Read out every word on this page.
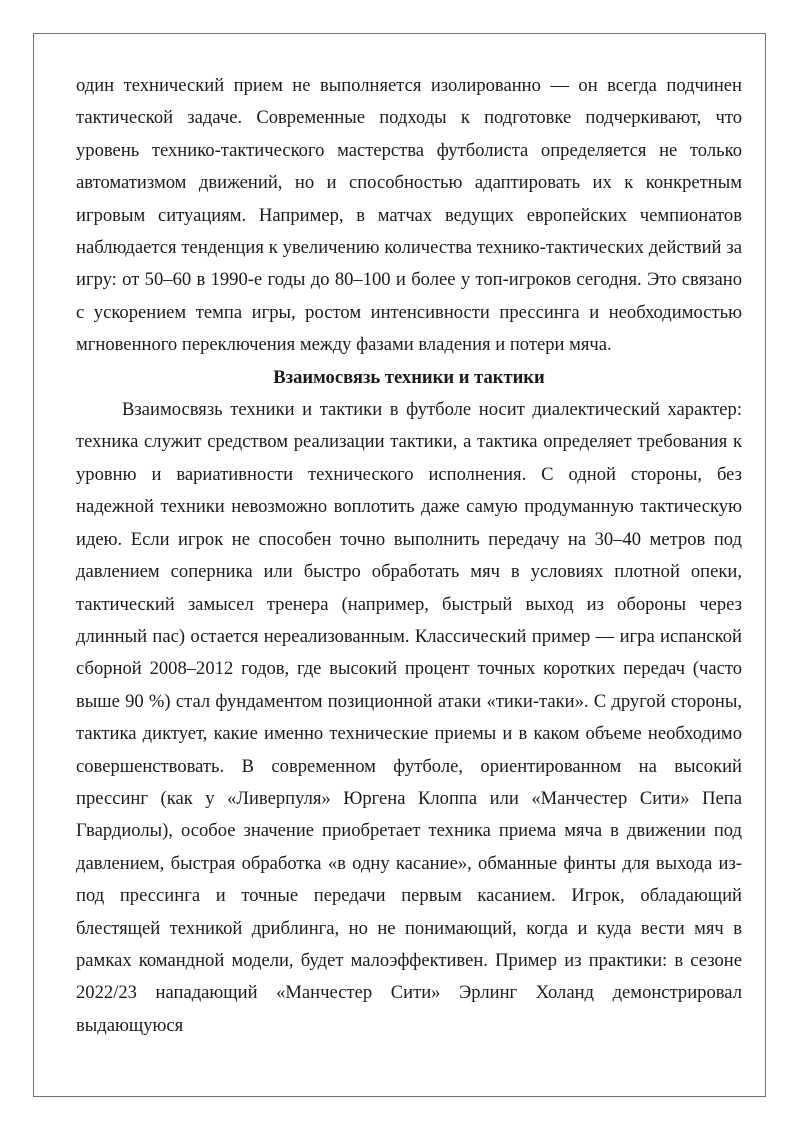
один технический прием не выполняется изолированно — он всегда подчинен тактической задаче. Современные подходы к подготовке подчеркивают, что уровень технико-тактического мастерства футболиста определяется не только автоматизмом движений, но и способностью адаптировать их к конкретным игровым ситуациям. Например, в матчах ведущих европейских чемпионатов наблюдается тенденция к увеличению количества технико-тактических действий за игру: от 50–60 в 1990-е годы до 80–100 и более у топ-игроков сегодня. Это связано с ускорением темпа игры, ростом интенсивности прессинга и необходимостью мгновенного переключения между фазами владения и потери мяча.

Взаимосвязь техники и тактики

Взаимосвязь техники и тактики в футболе носит диалектический характер: техника служит средством реализации тактики, а тактика определяет требования к уровню и вариативности технического исполнения. С одной стороны, без надежной техники невозможно воплотить даже самую продуманную тактическую идею. Если игрок не способен точно выполнить передачу на 30–40 метров под давлением соперника или быстро обработать мяч в условиях плотной опеки, тактический замысел тренера (например, быстрый выход из обороны через длинный пас) остается нереализованным. Классический пример — игра испанской сборной 2008–2012 годов, где высокий процент точных коротких передач (часто выше 90 %) стал фундаментом позиционной атаки «тики-таки». С другой стороны, тактика диктует, какие именно технические приемы и в каком объеме необходимо совершенствовать. В современном футболе, ориентированном на высокий прессинг (как у «Ливерпуля» Юргена Клоппа или «Манчестер Сити» Пепа Гвардиолы), особое значение приобретает техника приема мяча в движении под давлением, быстрая обработка «в одну касание», обманные финты для выхода из-под прессинга и точные передачи первым касанием. Игрок, обладающий блестящей техникой дриблинга, но не понимающий, когда и куда вести мяч в рамках командной модели, будет малоэффективен. Пример из практики: в сезоне 2022/23 нападающий «Манчестер Сити» Эрлинг Холанд демонстрировал выдающуюся
